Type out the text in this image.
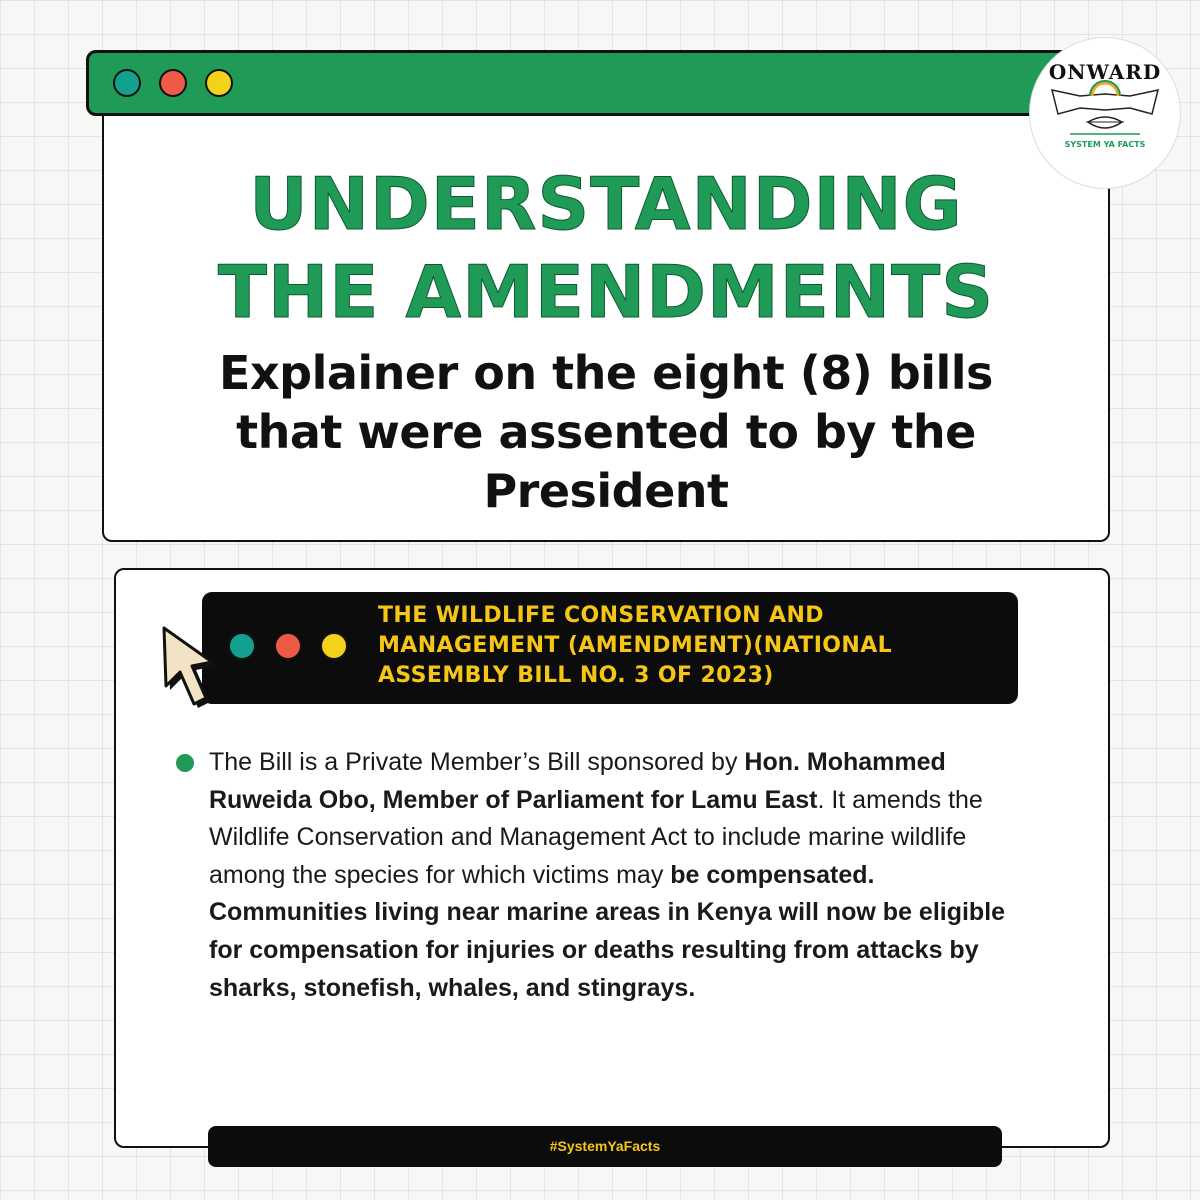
ONWARD
SYSTEM YA FACTS
UNDERSTANDING
THE AMENDMENTS
Explainer on the eight (8) bills
that were assented to by the
President
THE WILDLIFE CONSERVATION AND
MANAGEMENT (AMENDMENT)(NATIONAL
ASSEMBLY BILL NO. 3 OF 2023)
The Bill is a Private Member’s Bill sponsored by Hon. Mohammed Ruweida Obo, Member of Parliament for Lamu East. It amends the Wildlife Conservation and Management Act to include marine wildlife among the species for which victims may be compensated. Communities living near marine areas in Kenya will now be eligible for compensation for injuries or deaths resulting from attacks by sharks, stonefish, whales, and stingrays.
#SystemYaFacts
